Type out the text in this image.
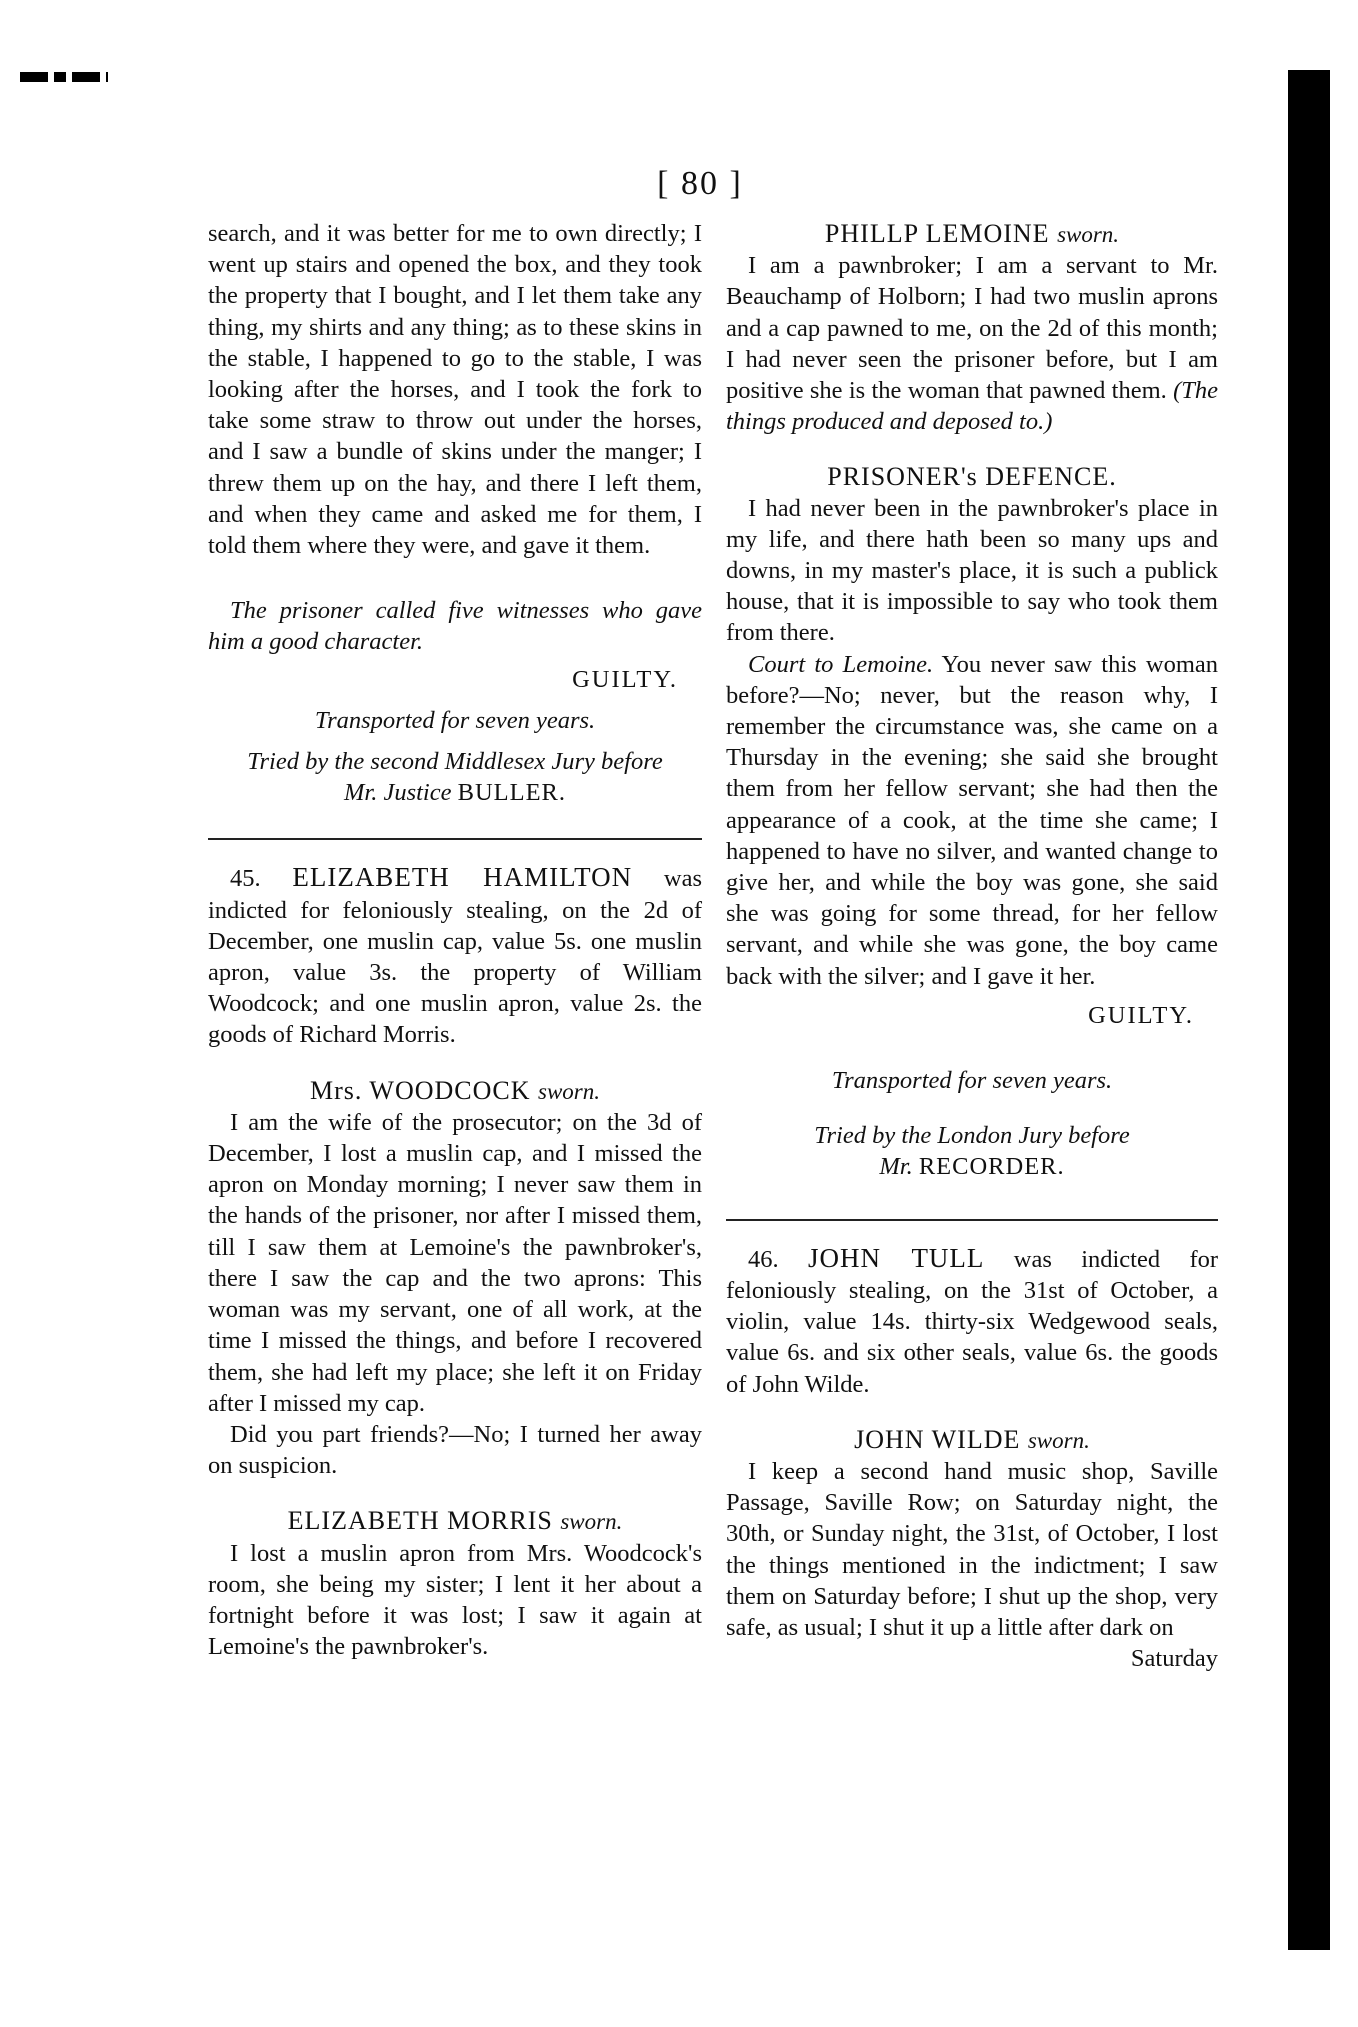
[ 80 ]

search, and it was better for me to own directly; I went up stairs and opened the box, and they took the property that I bought, and I let them take any thing, my shirts and any thing; as to these skins in the stable, I happened to go to the stable, I was looking after the horses, and I took the fork to take some straw to throw out under the horses, and I saw a bundle of skins under the manger; I threw them up on the hay, and there I left them, and when they came and asked me for them, I told them where they were, and gave it them.

The prisoner called five witnesses who gave him a good character.

GUILTY.
Transported for seven years.
Tried by the second Middlesex Jury before
Mr. Justice BULLER.

45. ELIZABETH HAMILTON was indicted for feloniously stealing, on the 2d of December, one muslin cap, value 5s. one muslin apron, value 3s. the property of William Woodcock; and one muslin apron, value 2s. the goods of Richard Morris.

Mrs. WOODCOCK sworn.

I am the wife of the prosecutor; on the 3d of December, I lost a muslin cap, and I missed the apron on Monday morning; I never saw them in the hands of the prisoner, nor after I missed them, till I saw them at Lemoine's the pawnbroker's, there I saw the cap and the two aprons: This woman was my servant, one of all work, at the time I missed the things, and before I recovered them, she had left my place; she left it on Friday after I missed my cap.

Did you part friends?—No; I turned her away on suspicion.

ELIZABETH MORRIS sworn.

I lost a muslin apron from Mrs. Woodcock's room, she being my sister; I lent it her about a fortnight before it was lost; I saw it again at Lemoine's the pawnbroker's.

PHILLP LEMOINE sworn.

I am a pawnbroker; I am a servant to Mr. Beauchamp of Holborn; I had two muslin aprons and a cap pawned to me, on the 2d of this month; I had never seen the prisoner before, but I am positive she is the woman that pawned them. (The things produced and deposed to.)

PRISONER's DEFENCE.

I had never been in the pawnbroker's place in my life, and there hath been so many ups and downs, in my master's place, it is such a publick house, that it is impossible to say who took them from there.

Court to Lemoine. You never saw this woman before?—No; never, but the reason why, I remember the circumstance was, she came on a Thursday in the evening; she said she brought them from her fellow servant; she had then the appearance of a cook, at the time she came; I happened to have no silver, and wanted change to give her, and while the boy was gone, she said she was going for some thread, for her fellow servant, and while she was gone, the boy came back with the silver; and I gave it her.

GUILTY.
Transported for seven years.
Tried by the London Jury before
Mr. RECORDER.

46. JOHN TULL was indicted for feloniously stealing, on the 31st of October, a violin, value 14s. thirty-six Wedgewood seals, value 6s. and six other seals, value 6s. the goods of John Wilde.

JOHN WILDE sworn.

I keep a second hand music shop, Saville Passage, Saville Row; on Saturday night, the 30th, or Sunday night, the 31st, of October, I lost the things mentioned in the indictment; I saw them on Saturday before; I shut up the shop, very safe, as usual; I shut it up a little after dark on

Saturday
